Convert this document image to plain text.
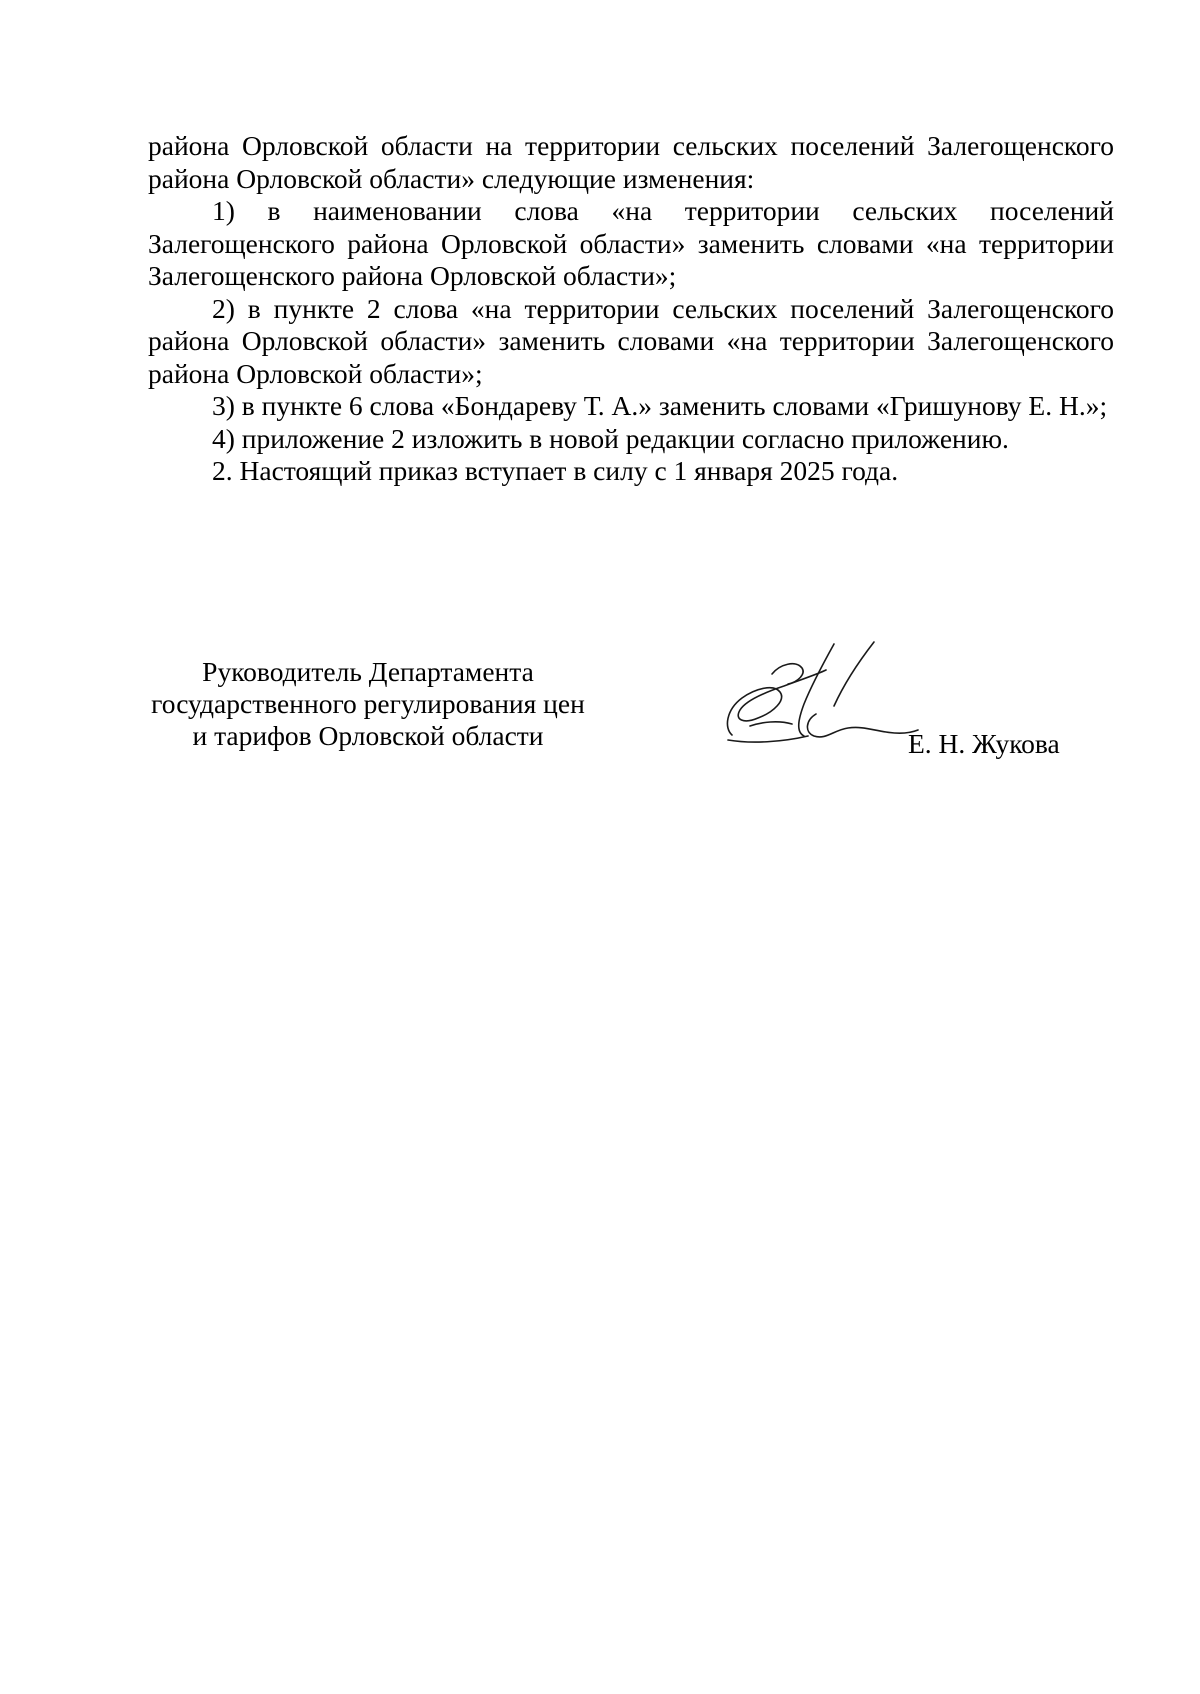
района Орловской области на территории сельских поселений Залегощенского района Орловской области» следующие изменения:

1) в наименовании слова «на территории сельских поселений Залегощенского района Орловской области» заменить словами «на территории Залегощенского района Орловской области»;

2) в пункте 2 слова «на территории сельских поселений Залегощенского района Орловской области» заменить словами «на территории Залегощенского района Орловской области»;

3) в пункте 6 слова «Бондареву Т. А.» заменить словами «Гришунову Е. Н.»;

4) приложение 2 изложить в новой редакции согласно приложению.

2. Настоящий приказ вступает в силу с 1 января 2025 года.

Руководитель Департамента
государственного регулирования цен
и тарифов Орловской области	Е. Н. Жукова
